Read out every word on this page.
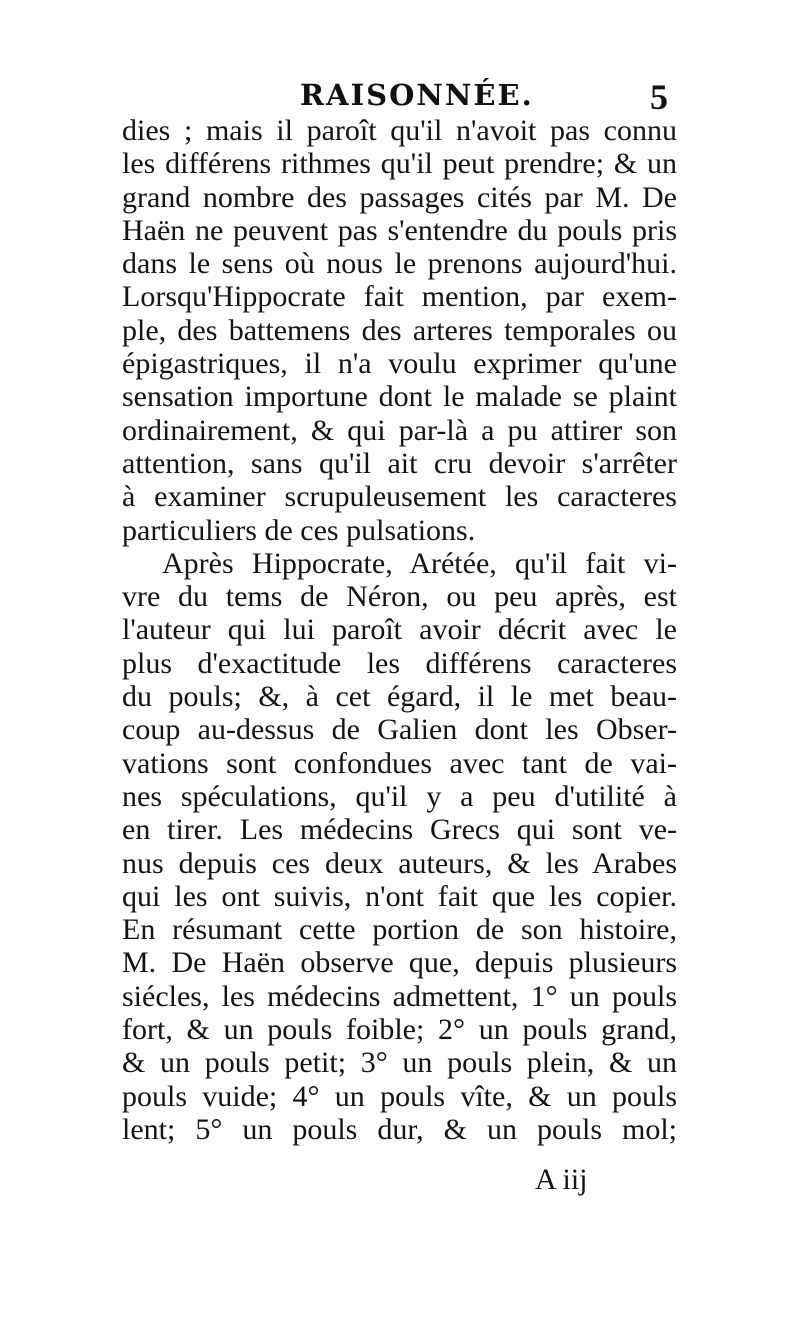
RAISONNÉE.	5
dies ; mais il paroît qu'il n'avoit pas connu
les différens rithmes qu'il peut prendre; & un
grand nombre des passages cités par M. De
Haën ne peuvent pas s'entendre du pouls pris
dans le sens où nous le prenons aujourd'hui.
Lorsqu'Hippocrate fait mention, par exem-
ple, des battemens des arteres temporales ou
épigastriques, il n'a voulu exprimer qu'une
sensation importune dont le malade se plaint
ordinairement, & qui par-là a pu attirer son
attention, sans qu'il ait cru devoir s'arrêter
à examiner scrupuleusement les caracteres
particuliers de ces pulsations.
Après Hippocrate, Arétée, qu'il fait vi-
vre du tems de Néron, ou peu après, est
l'auteur qui lui paroît avoir décrit avec le
plus d'exactitude les différens caracteres
du pouls; &, à cet égard, il le met beau-
coup au-dessus de Galien dont les Obser-
vations sont confondues avec tant de vai-
nes spéculations, qu'il y a peu d'utilité à
en tirer. Les médecins Grecs qui sont ve-
nus depuis ces deux auteurs, & les Arabes
qui les ont suivis, n'ont fait que les copier.
En résumant cette portion de son histoire,
M. De Haën observe que, depuis plusieurs
siécles, les médecins admettent, 1° un pouls
fort, & un pouls foible; 2° un pouls grand,
& un pouls petit; 3° un pouls plein, & un
pouls vuide; 4° un pouls vîte, & un pouls
lent; 5° un pouls dur, & un pouls mol;
A iij
